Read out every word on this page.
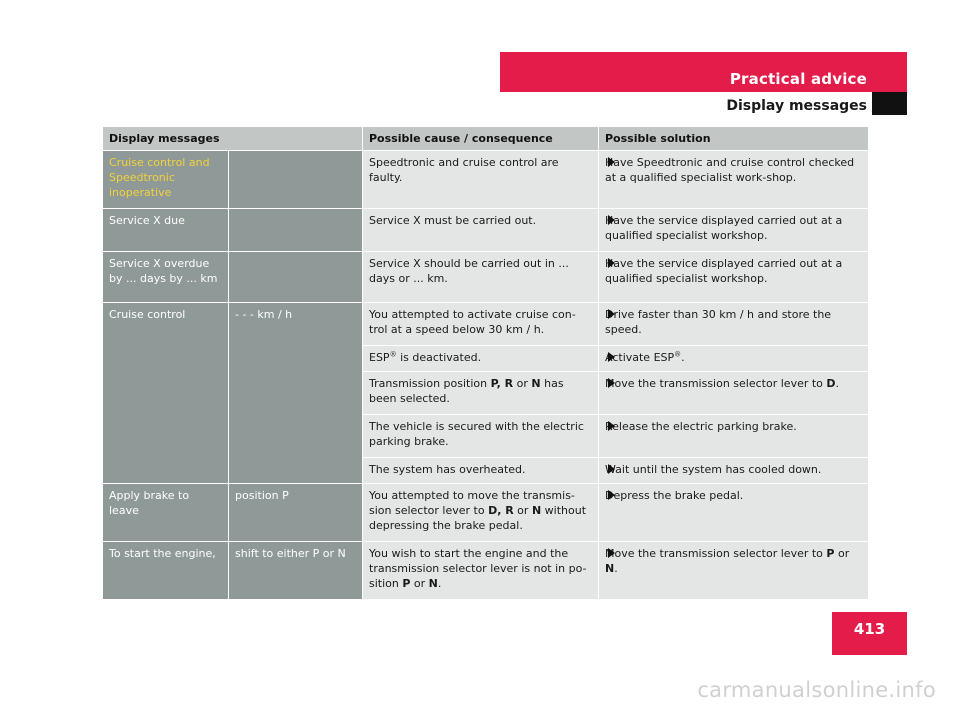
Practical advice
Display messages
Display messages		Possible cause / consequence	Possible solution
Cruise control and Speedtronic inoperative		Speedtronic and cruise control are faulty.	Have Speedtronic and cruise control checked at a qualified specialist work-shop.
Service X due		Service X must be carried out.	Have the service displayed carried out at a qualified specialist workshop.
Service X overdue by ... days by ... km		Service X should be carried out in ... days or ... km.	Have the service displayed carried out at a qualified specialist workshop.
Cruise control	- - - km / h	You attempted to activate cruise con-trol at a speed below 30 km / h.	Drive faster than 30 km / h and store the speed.
		ESP® is deactivated.	Activate ESP®.
		Transmission position P, R or N has been selected.	Move the transmission selector lever to D.
		The vehicle is secured with the electric parking brake.	Release the electric parking brake.
		The system has overheated.	Wait until the system has cooled down.
Apply brake to leave	position P	You attempted to move the transmis-sion selector lever to D, R or N without depressing the brake pedal.	Depress the brake pedal.
To start the engine,	shift to either P or N	You wish to start the engine and the transmission selector lever is not in po-sition P or N.	Move the transmission selector lever to P or N.
413
carmanualsonline.info
